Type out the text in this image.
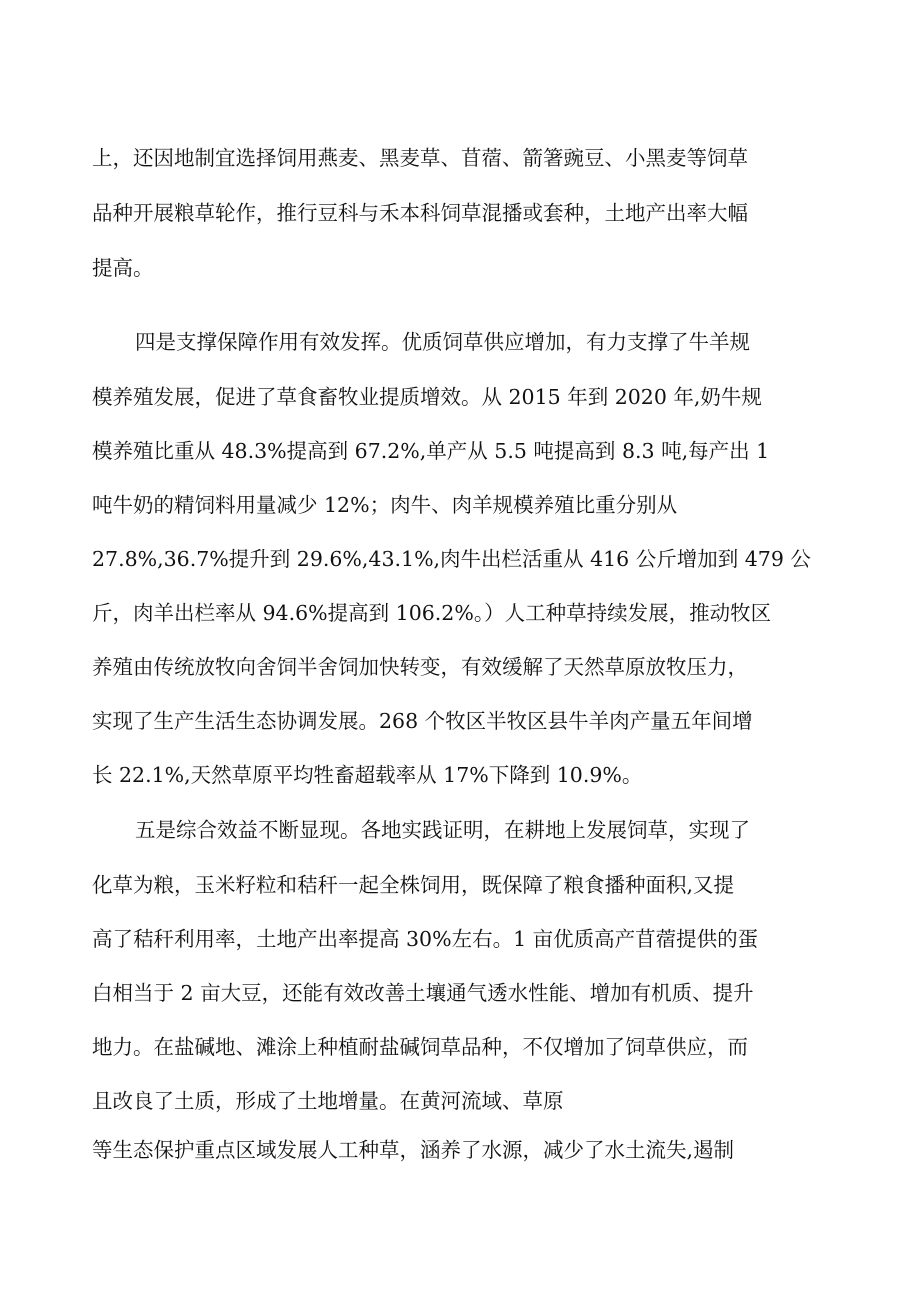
上，还因地制宜选择饲用燕麦、黑麦草、苜蓿、箭箸豌豆、小黑麦等饲草
品种开展粮草轮作，推行豆科与禾本科饲草混播或套种，土地产出率大幅
提高。
四是支撑保障作用有效发挥。优质饲草供应增加，有力支撑了牛羊规
模养殖发展，促进了草食畜牧业提质增效。从 2015 年到 2020 年,奶牛规
模养殖比重从 48.3%提高到 67.2%,单产从 5.5 吨提高到 8.3 吨,每产出 1
吨牛奶的精饲料用量减少 12%；肉牛、肉羊规模养殖比重分别从
27.8%,36.7%提升到 29.6%,43.1%,肉牛出栏活重从 416 公斤增加到 479 公
斤，肉羊出栏率从 94.6%提高到 106.2%。）人工种草持续发展，推动牧区
养殖由传统放牧向舍饲半舍饲加快转变，有效缓解了天然草原放牧压力，
实现了生产生活生态协调发展。268 个牧区半牧区县牛羊肉产量五年间增
长 22.1%,天然草原平均牲畜超载率从 17%下降到 10.9%。
五是综合效益不断显现。各地实践证明，在耕地上发展饲草，实现了
化草为粮，玉米籽粒和秸秆一起全株饲用，既保障了粮食播种面积,又提
高了秸秆利用率，土地产出率提高 30%左右。1 亩优质高产苜蓿提供的蛋
白相当于 2 亩大豆，还能有效改善土壤通气透水性能、增加有机质、提升
地力。在盐碱地、滩涂上种植耐盐碱饲草品种，不仅增加了饲草供应，而
且改良了土质，形成了土地增量。在黄河流域、草原
等生态保护重点区域发展人工种草，涵养了水源，减少了水土流失,遏制
